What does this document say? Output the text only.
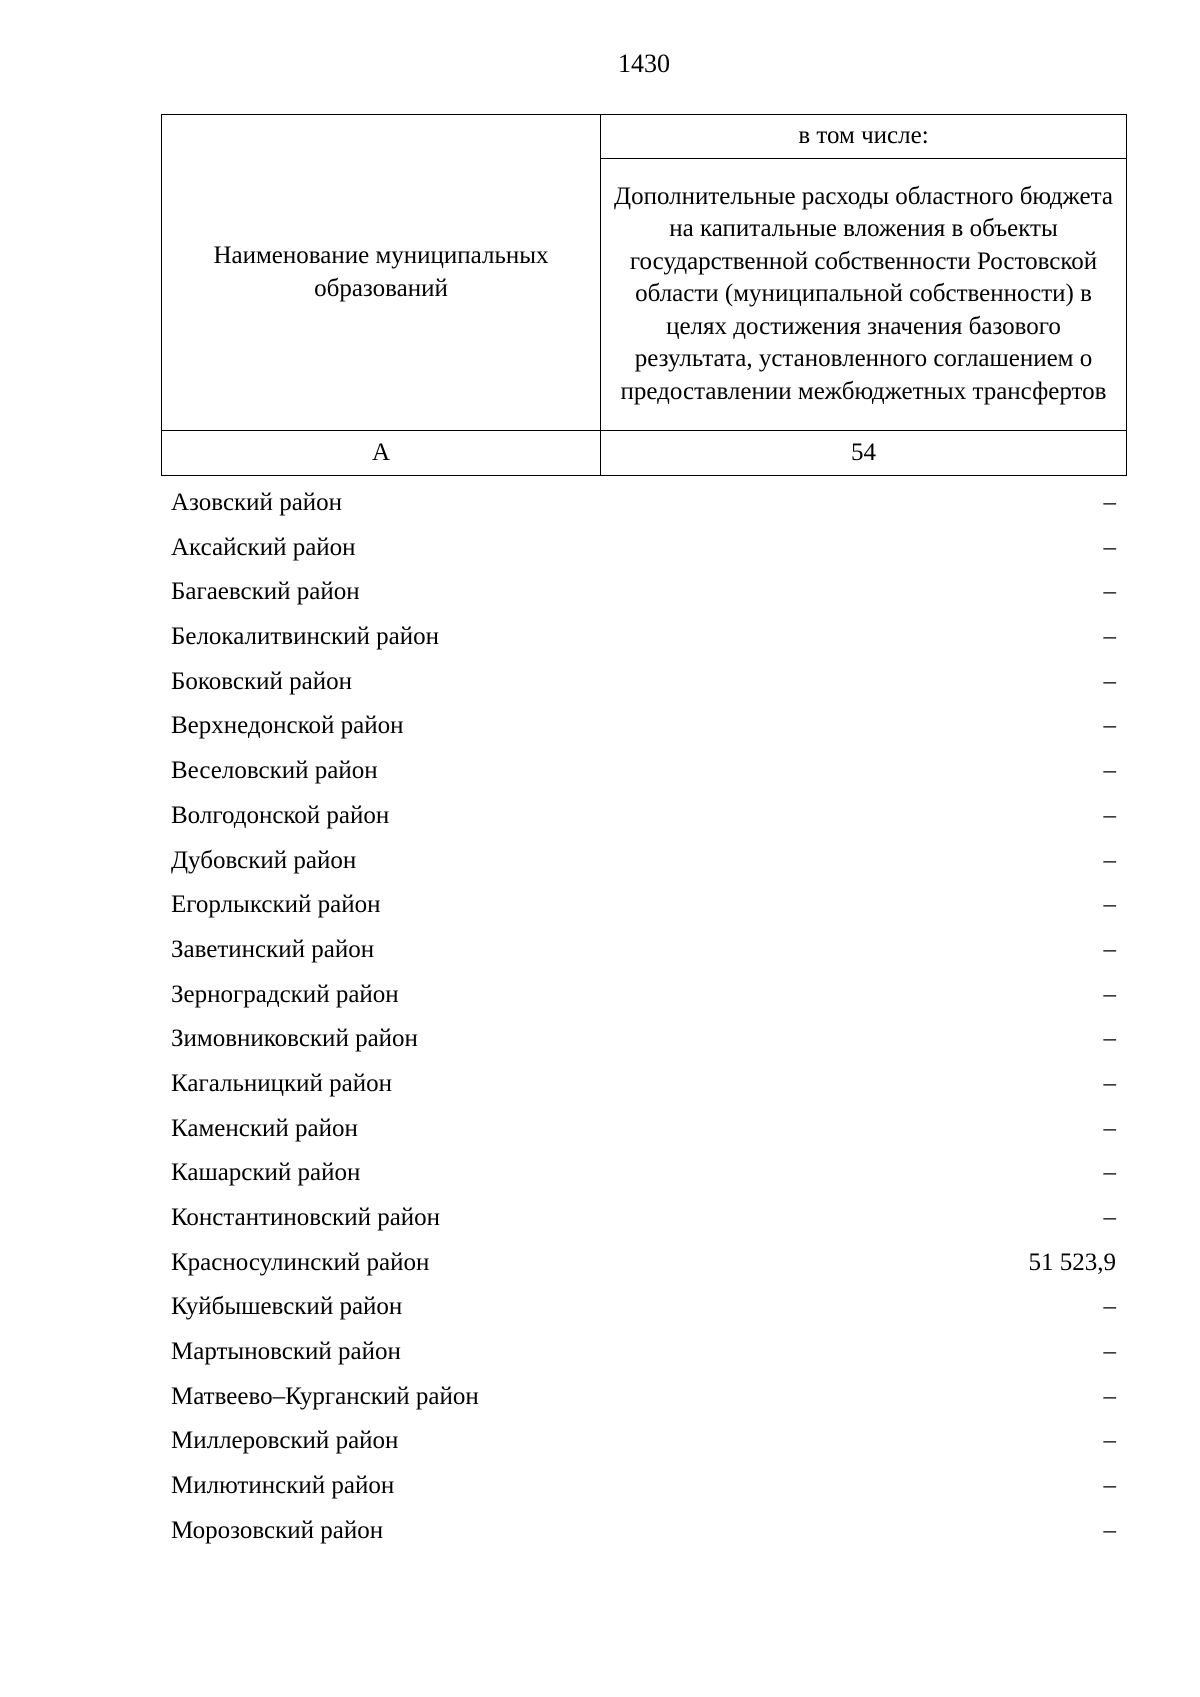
1430
Наименование муниципальных образований	в том числе:
	Дополнительные расходы областного бюджета на капитальные вложения в объекты государственной собственности Ростовской области (муниципальной собственности) в целях достижения значения базового результата, установленного соглашением о предоставлении межбюджетных трансфертов
А	54
Азовский район	–
Аксайский район	–
Багаевский район	–
Белокалитвинский район	–
Боковский район	–
Верхнедонской район	–
Веселовский район	–
Волгодонской район	–
Дубовский район	–
Егорлыкский район	–
Заветинский район	–
Зерноградский район	–
Зимовниковский район	–
Кагальницкий район	–
Каменский район	–
Кашарский район	–
Константиновский район	–
Красносулинский район	51 523,9
Куйбышевский район	–
Мартыновский район	–
Матвеево–Курганский район	–
Миллеровский район	–
Милютинский район	–
Морозовский район	–
